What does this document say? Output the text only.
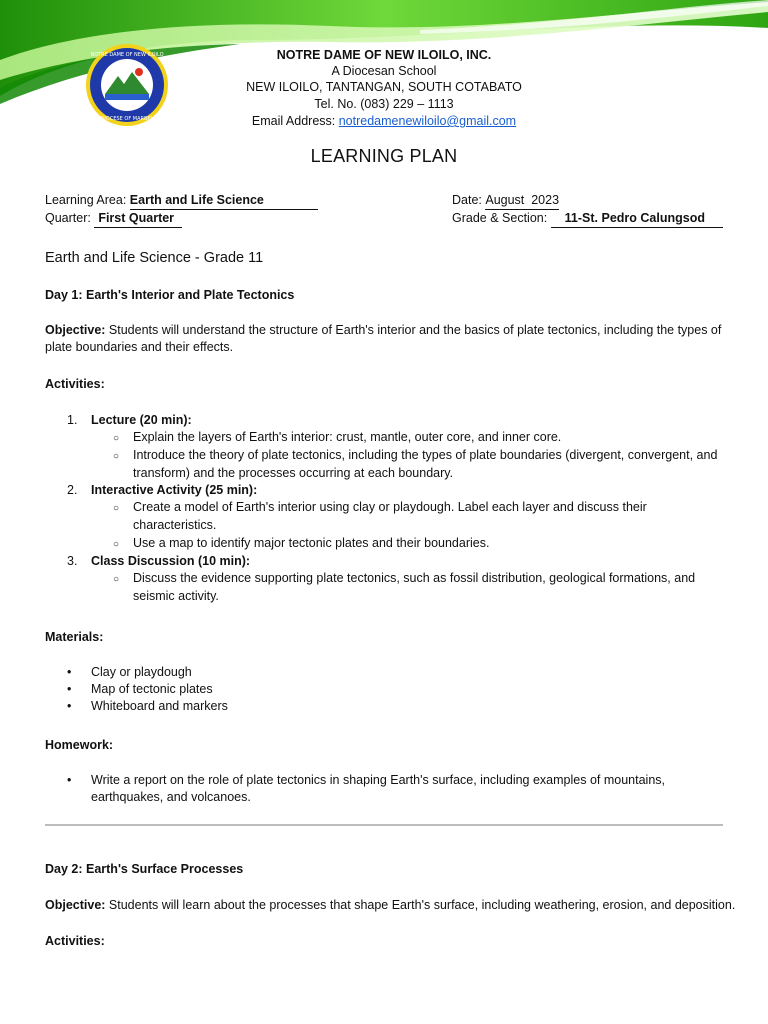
NOTRE DAME OF NEW ILOILO
DIOCESE OF MARBEL
NOTRE DAME OF NEW ILOILO, INC.
A Diocesan School
NEW ILOILO, TANTANGAN, SOUTH COTABATO
Tel. No. (083) 229 – 1113
Email Address: notredamenewiloilo@gmail.com
LEARNING PLAN
Learning Area: Earth and Life Science
Quarter: First Quarter
Date: August  2023
Grade & Section: 11-St. Pedro Calungsod
Earth and Life Science - Grade 11
Day 1: Earth's Interior and Plate Tectonics
Objective: Students will understand the structure of Earth's interior and the basics of plate tectonics, including the types of
plate boundaries and their effects.
Activities:
1. Lecture (20 min):
○ Explain the layers of Earth's interior: crust, mantle, outer core, and inner core.
○ Introduce the theory of plate tectonics, including the types of plate boundaries (divergent, convergent, and
transform) and the processes occurring at each boundary.
2. Interactive Activity (25 min):
○ Create a model of Earth's interior using clay or playdough. Label each layer and discuss their
characteristics.
○ Use a map to identify major tectonic plates and their boundaries.
3. Class Discussion (10 min):
○ Discuss the evidence supporting plate tectonics, such as fossil distribution, geological formations, and
seismic activity.
Materials:
• Clay or playdough
• Map of tectonic plates
• Whiteboard and markers
Homework:
• Write a report on the role of plate tectonics in shaping Earth's surface, including examples of mountains,
earthquakes, and volcanoes.
Day 2: Earth's Surface Processes
Objective: Students will learn about the processes that shape Earth's surface, including weathering, erosion, and deposition.
Activities:
